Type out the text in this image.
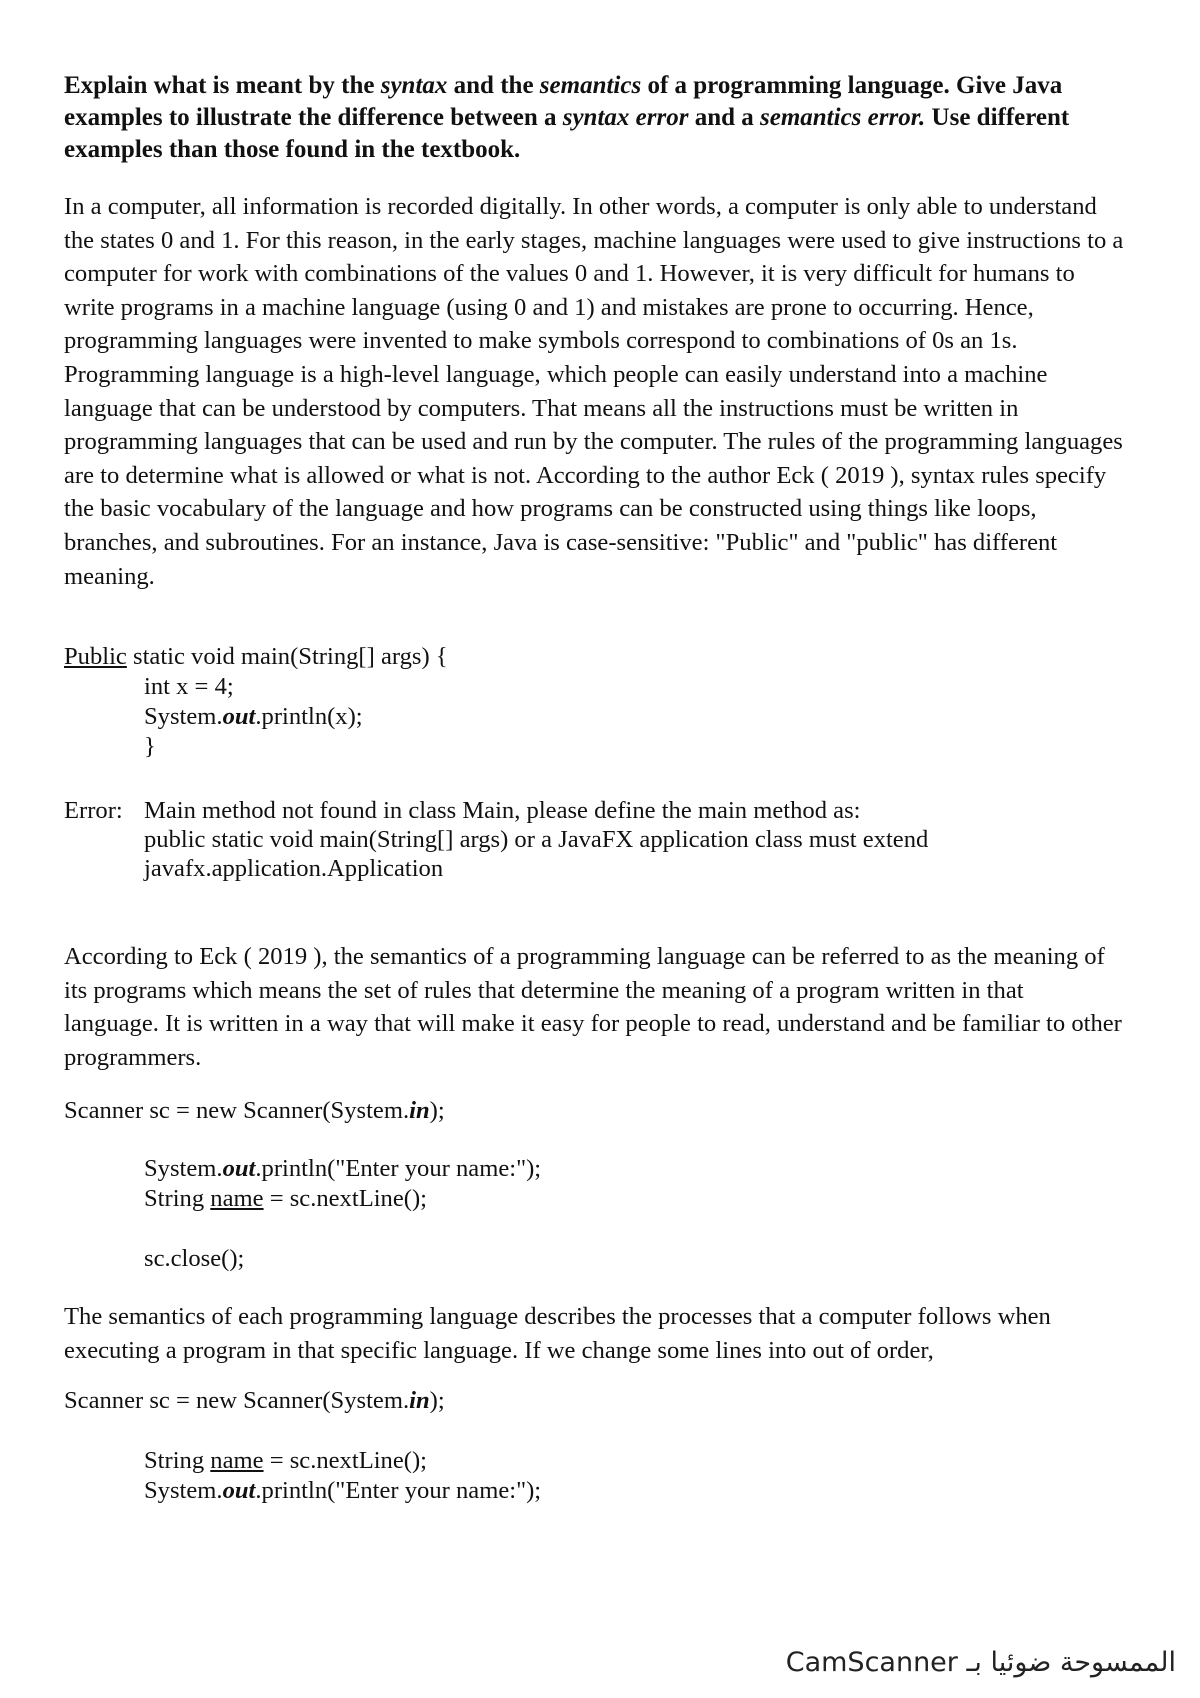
Explain what is meant by the syntax and the semantics of a programming language. Give Java examples to illustrate the difference between a syntax error and a semantics error. Use different examples than those found in the textbook.

In a computer, all information is recorded digitally. In other words, a computer is only able to understand the states 0 and 1. For this reason, in the early stages, machine languages were used to give instructions to a computer for work with combinations of the values 0 and 1. However, it is very difficult for humans to write programs in a machine language (using 0 and 1) and mistakes are prone to occurring. Hence, programming languages were invented to make symbols correspond to combinations of 0s an 1s. Programming language is a high-level language, which people can easily understand into a machine language that can be understood by computers. That means all the instructions must be written in programming languages that can be used and run by the computer. The rules of the programming languages are to determine what is allowed or what is not. According to the author Eck ( 2019 ), syntax rules specify the basic vocabulary of the language and how programs can be constructed using things like loops, branches, and subroutines. For an instance, Java is case-sensitive: "Public" and "public" has different meaning.

Public static void main(String[] args) {
int x = 4;
System.out.println(x);
}
Error: Main method not found in class Main, please define the main method as:
public static void main(String[] args) or a JavaFX application class must extend
javafx.application.Application

According to Eck ( 2019 ), the semantics of a programming language can be referred to as the meaning of its programs which means the set of rules that determine the meaning of a program written in that language. It is written in a way that will make it easy for people to read, understand and be familiar to other programmers.

Scanner sc = new Scanner(System.in);
System.out.println("Enter your name:");
String name = sc.nextLine();
sc.close();

The semantics of each programming language describes the processes that a computer follows when executing a program in that specific language. If we change some lines into out of order,

Scanner sc = new Scanner(System.in);
String name = sc.nextLine();
System.out.println("Enter your name:");
CamScanner الممسوحة ضوئيا بـ
